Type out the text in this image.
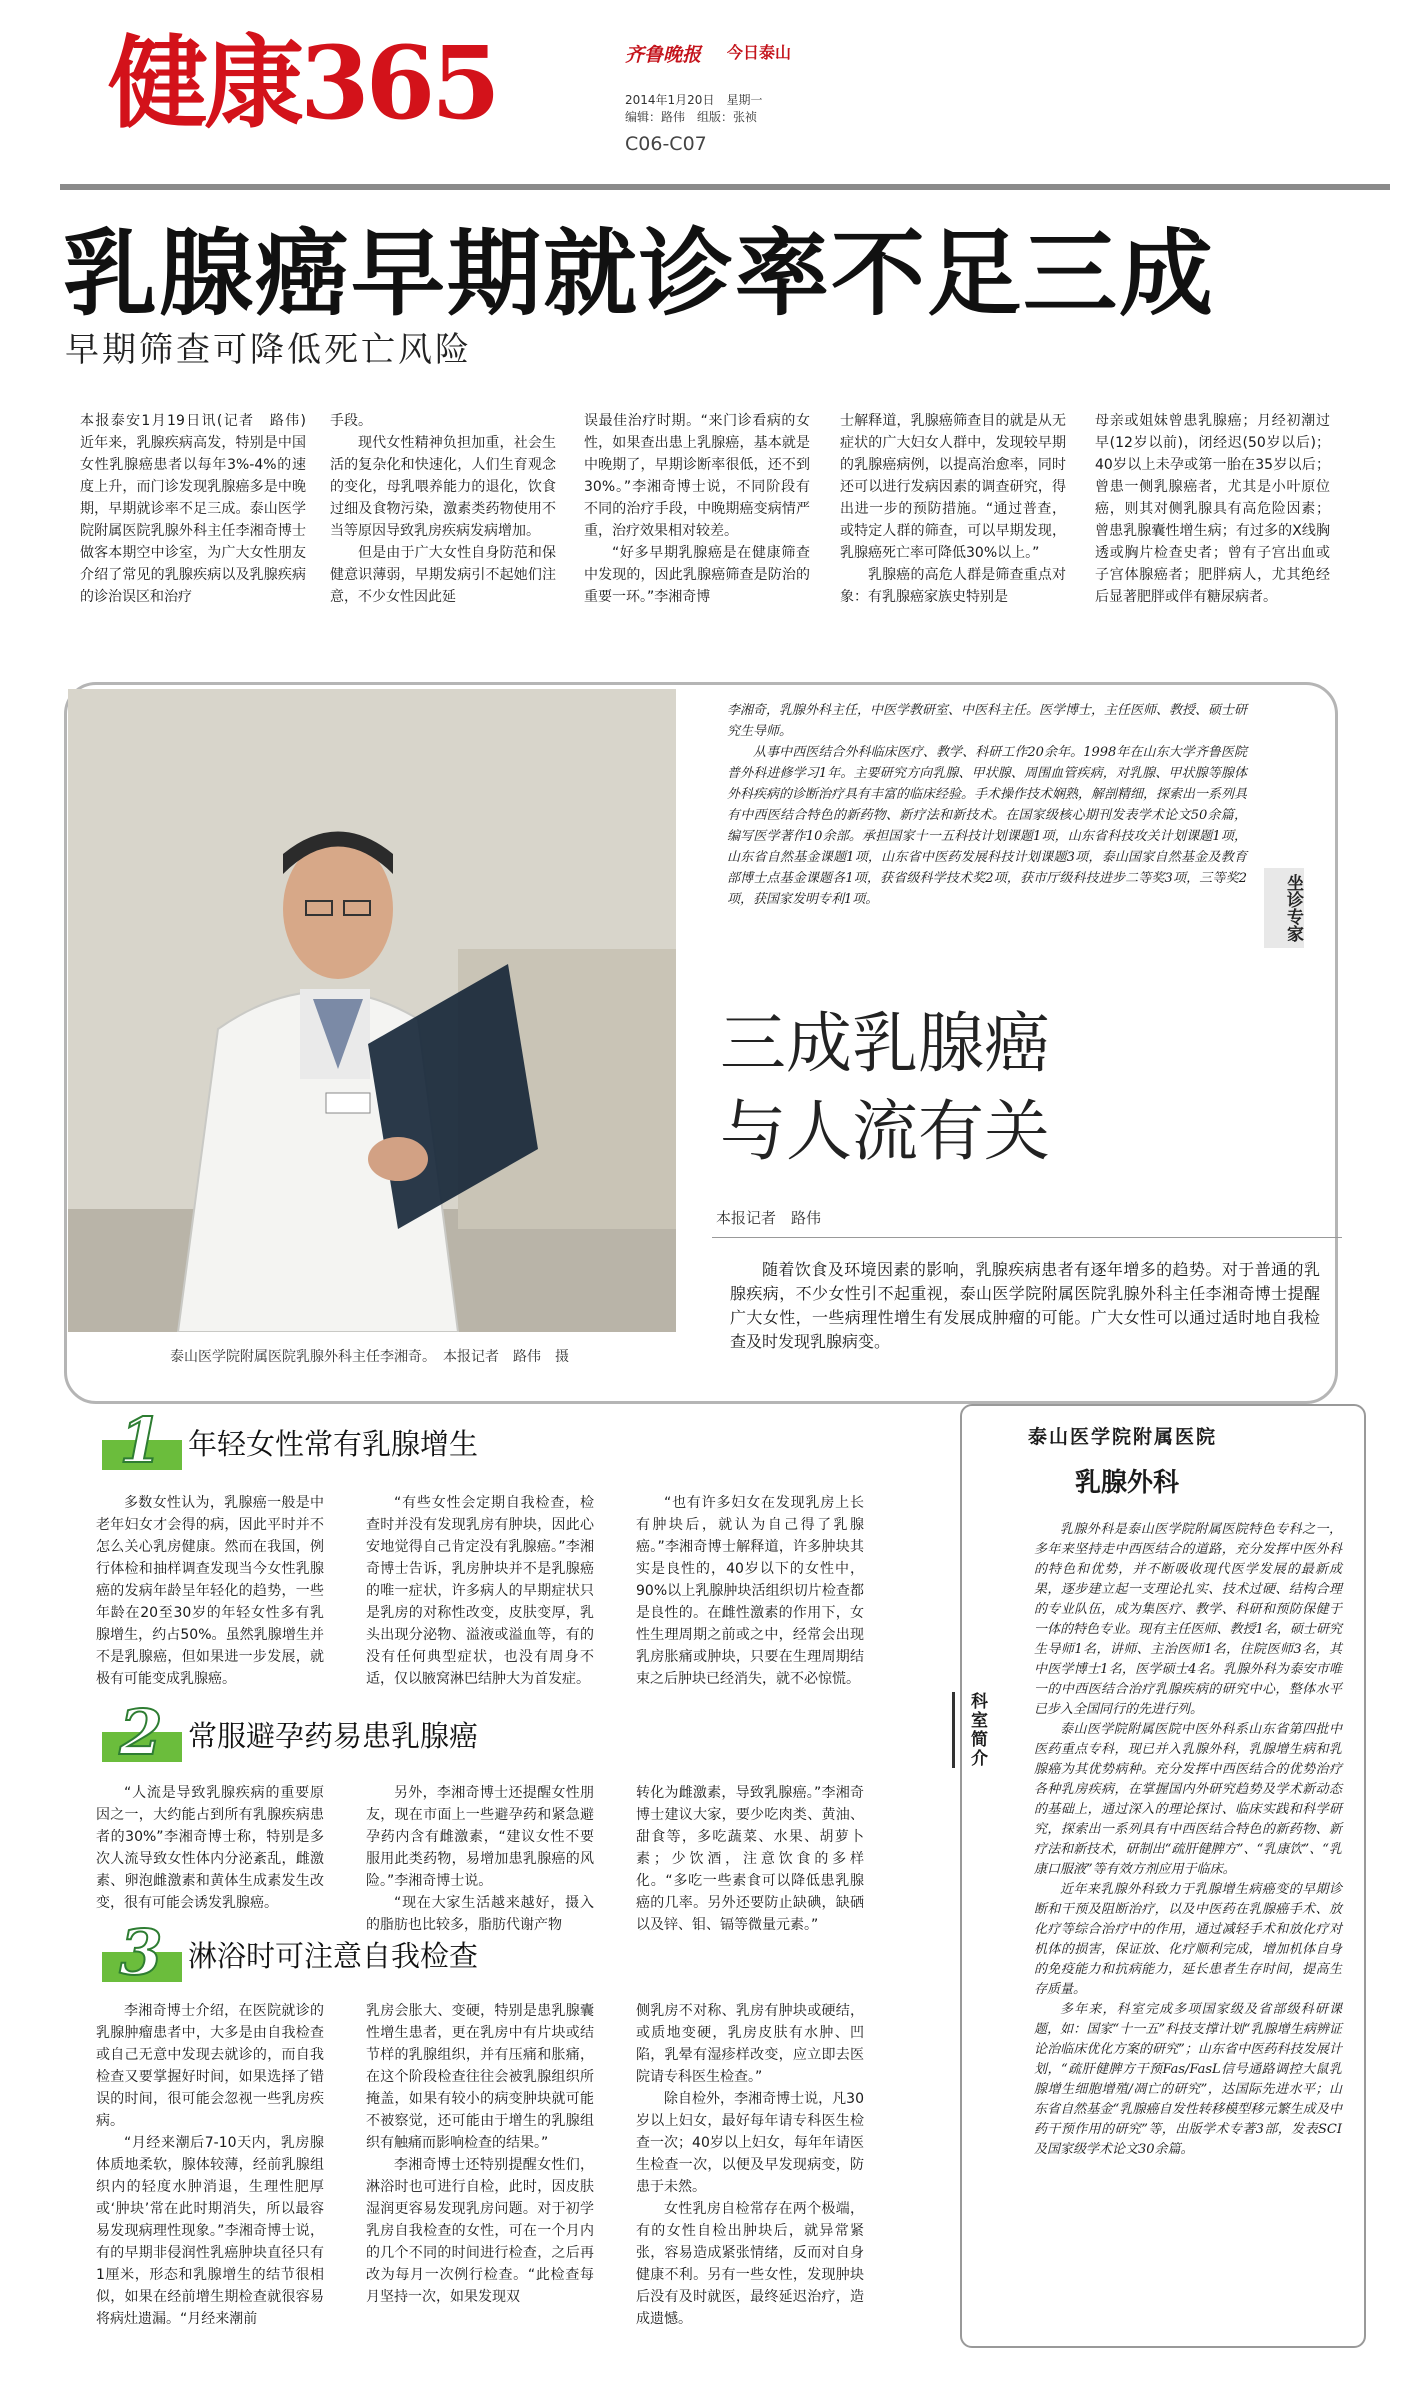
健康365	齐鲁晚报 今日泰山
2014年1月20日　星期一
编辑：路伟　组版：张祯
C06-C07
乳腺癌早期就诊率不足三成
早期筛查可降低死亡风险

本报泰安1月19日讯(记者　路伟)　近年来，乳腺疾病高发，特别是中国女性乳腺癌患者以每年3%-4%的速度上升，而门诊发现乳腺癌多是中晚期，早期就诊率不足三成。泰山医学院附属医院乳腺外科主任李湘奇博士做客本期空中诊室，为广大女性朋友介绍了常见的乳腺疾病以及乳腺疾病的诊治误区和治疗

手段。

现代女性精神负担加重，社会生活的复杂化和快速化，人们生育观念的变化，母乳喂养能力的退化，饮食过细及食物污染，激素类药物使用不当等原因导致乳房疾病发病增加。

但是由于广大女性自身防范和保健意识薄弱，早期发病引不起她们注意，不少女性因此延

误最佳治疗时期。“来门诊看病的女性，如果查出患上乳腺癌，基本就是中晚期了，早期诊断率很低，还不到30%。”李湘奇博士说，不同阶段有不同的治疗手段，中晚期癌变病情严重，治疗效果相对较差。

“好多早期乳腺癌是在健康筛查中发现的，因此乳腺癌筛查是防治的重要一环。”李湘奇博

士解释道，乳腺癌筛查目的就是从无症状的广大妇女人群中，发现较早期的乳腺癌病例，以提高治愈率，同时还可以进行发病因素的调查研究，得出进一步的预防措施。“通过普查，或特定人群的筛查，可以早期发现，乳腺癌死亡率可降低30%以上。”

乳腺癌的高危人群是筛查重点对象：有乳腺癌家族史特别是

母亲或姐妹曾患乳腺癌；月经初潮过早(12岁以前)，闭经迟(50岁以后)；40岁以上未孕或第一胎在35岁以后；曾患一侧乳腺癌者，尤其是小叶原位癌，则其对侧乳腺具有高危险因素；曾患乳腺囊性增生病；有过多的X线胸透或胸片检查史者；曾有子宫出血或子宫体腺癌者；肥胖病人，尤其绝经后显著肥胖或伴有糖尿病者。

泰山医学院附属医院乳腺外科主任李湘奇。　本报记者　路伟　摄

李湘奇，乳腺外科主任，中医学教研室、中医科主任。医学博士，主任医师、教授、硕士研究生导师。

从事中西医结合外科临床医疗、教学、科研工作20余年。1998年在山东大学齐鲁医院普外科进修学习1年。主要研究方向乳腺、甲状腺、周围血管疾病，对乳腺、甲状腺等腺体外科疾病的诊断治疗具有丰富的临床经验。手术操作技术娴熟，解剖精细，探索出一系列具有中西医结合特色的新药物、新疗法和新技术。在国家级核心期刊发表学术论文50余篇，编写医学著作10余部。承担国家十一五科技计划课题1项，山东省科技攻关计划课题1项，山东省自然基金课题1项，山东省中医药发展科技计划课题3项，泰山国家自然基金及教育部博士点基金课题各1项，获省级科学技术奖2项，获市厅级科技进步二等奖3项，三等奖2项，获国家发明专利1项。	坐诊专家
三成乳腺癌
与人流有关
本报记者　路伟
随着饮食及环境因素的影响，乳腺疾病患者有逐年增多的趋势。对于普通的乳腺疾病，不少女性引不起重视，泰山医学院附属医院乳腺外科主任李湘奇博士提醒广大女性，一些病理性增生有发展成肿瘤的可能。广大女性可以通过适时地自我检查及时发现乳腺病变。
1 年轻女性常有乳腺增生

多数女性认为，乳腺癌一般是中老年妇女才会得的病，因此平时并不怎么关心乳房健康。然而在我国，例行体检和抽样调查发现当今女性乳腺癌的发病年龄呈年轻化的趋势，一些年龄在20至30岁的年轻女性多有乳腺增生，约占50%。虽然乳腺增生并不是乳腺癌，但如果进一步发展，就极有可能变成乳腺癌。

“有些女性会定期自我检查，检查时并没有发现乳房有肿块，因此心安地觉得自己肯定没有乳腺癌。”李湘奇博士告诉，乳房肿块并不是乳腺癌的唯一症状，许多病人的早期症状只是乳房的对称性改变，皮肤变厚，乳头出现分泌物、溢液或溢血等，有的没有任何典型症状，也没有周身不适，仅以腋窝淋巴结肿大为首发症。

“也有许多妇女在发现乳房上长有肿块后，就认为自己得了乳腺癌。”李湘奇博士解释道，许多肿块其实是良性的，40岁以下的女性中，90%以上乳腺肿块活组织切片检查都是良性的。在雌性激素的作用下，女性生理周期之前或之中，经常会出现乳房胀痛或肿块，只要在生理周期结束之后肿块已经消失，就不必惊慌。

2 常服避孕药易患乳腺癌

“人流是导致乳腺疾病的重要原因之一，大约能占到所有乳腺疾病患者的30%”李湘奇博士称，特别是多次人流导致女性体内分泌紊乱，雌激素、卵泡雌激素和黄体生成素发生改变，很有可能会诱发乳腺癌。

另外，李湘奇博士还提醒女性朋友，现在市面上一些避孕药和紧急避孕药内含有雌激素，“建议女性不要服用此类药物，易增加患乳腺癌的风险。”李湘奇博士说。

“现在大家生活越来越好，摄入的脂肪也比较多，脂肪代谢产物

转化为雌激素，导致乳腺癌。”李湘奇博士建议大家，要少吃肉类、黄油、甜食等，多吃蔬菜、水果、胡萝卜素；少饮酒，注意饮食的多样化。“多吃一些素食可以降低患乳腺癌的几率。另外还要防止缺碘，缺硒以及锌、钼、镉等微量元素。”

3 淋浴时可注意自我检查

李湘奇博士介绍，在医院就诊的乳腺肿瘤患者中，大多是由自我检查或自己无意中发现去就诊的，而自我检查又要掌握好时间，如果选择了错误的时间，很可能会忽视一些乳房疾病。

“月经来潮后7-10天内，乳房腺体质地柔软，腺体较薄，经前乳腺组织内的轻度水肿消退，生理性肥厚或‘肿块’常在此时期消失，所以最容易发现病理性现象。”李湘奇博士说，有的早期非侵润性乳癌肿块直径只有1厘米，形态和乳腺增生的结节很相似，如果在经前增生期检查就很容易将病灶遗漏。“月经来潮前

乳房会胀大、变硬，特别是患乳腺囊性增生患者，更在乳房中有片块或结节样的乳腺组织，并有压痛和胀痛，在这个阶段检查往往会被乳腺组织所掩盖，如果有较小的病变肿块就可能不被察觉，还可能由于增生的乳腺组织有触痛而影响检查的结果。”

李湘奇博士还特别提醒女性们，淋浴时也可进行自检，此时，因皮肤湿润更容易发现乳房问题。对于初学乳房自我检查的女性，可在一个月内的几个不同的时间进行检查，之后再改为每月一次例行检查。“此检查每月坚持一次，如果发现双

侧乳房不对称、乳房有肿块或硬结，或质地变硬，乳房皮肤有水肿、凹陷，乳晕有湿疹样改变，应立即去医院请专科医生检查。”

除自检外，李湘奇博士说，凡30岁以上妇女，最好每年请专科医生检查一次；40岁以上妇女，每年年请医生检查一次，以便及早发现病变，防患于未然。

女性乳房自检常存在两个极端，有的女性自检出肿块后，就异常紧张，容易造成紧张情绪，反而对自身健康不利。另有一些女性，发现肿块后没有及时就医，最终延迟治疗，造成遗憾。

泰山医学院附属医院
乳腺外科
科室简介

乳腺外科是泰山医学院附属医院特色专科之一，多年来坚持走中西医结合的道路，充分发挥中医外科的特色和优势，并不断吸收现代医学发展的最新成果，逐步建立起一支理论扎实、技术过硬、结构合理的专业队伍，成为集医疗、教学、科研和预防保健于一体的特色专业。现有主任医师、教授1名，硕士研究生导师1名，讲师、主治医师1名，住院医师3名，其中医学博士1名，医学硕士4名。乳腺外科为泰安市唯一的中西医结合治疗乳腺疾病的研究中心，整体水平已步入全国同行的先进行列。

泰山医学院附属医院中医外科系山东省第四批中医药重点专科，现已并入乳腺外科，乳腺增生病和乳腺癌为其优势病种。充分发挥中西医结合的优势治疗各种乳房疾病，在掌握国内外研究趋势及学术新动态的基础上，通过深入的理论探讨、临床实践和科学研究，探索出一系列具有中西医结合特色的新药物、新疗法和新技术，研制出“疏肝健脾方”、“乳康饮”、“乳康口服液”等有效方剂应用于临床。

近年来乳腺外科致力于乳腺增生病癌变的早期诊断和干预及阻断治疗，以及中医药在乳腺癌手术、放化疗等综合治疗中的作用，通过减轻手术和放化疗对机体的损害，保证放、化疗顺利完成，增加机体自身的免疫能力和抗病能力，延长患者生存时间，提高生存质量。

多年来，科室完成多项国家级及省部级科研课题，如：国家“十一五”科技支撑计划“乳腺增生病辨证论治临床优化方案的研究”；山东省中医药科技发展计划，“疏肝健脾方干预Fas/FasL信号通路调控大鼠乳腺增生细胞增殖/凋亡的研究”，达国际先进水平；山东省自然基金“乳腺癌自发性转移模型移元繁生成及中药干预作用的研究”等，出版学术专著3部，发表SCI及国家级学术论文30余篇。
